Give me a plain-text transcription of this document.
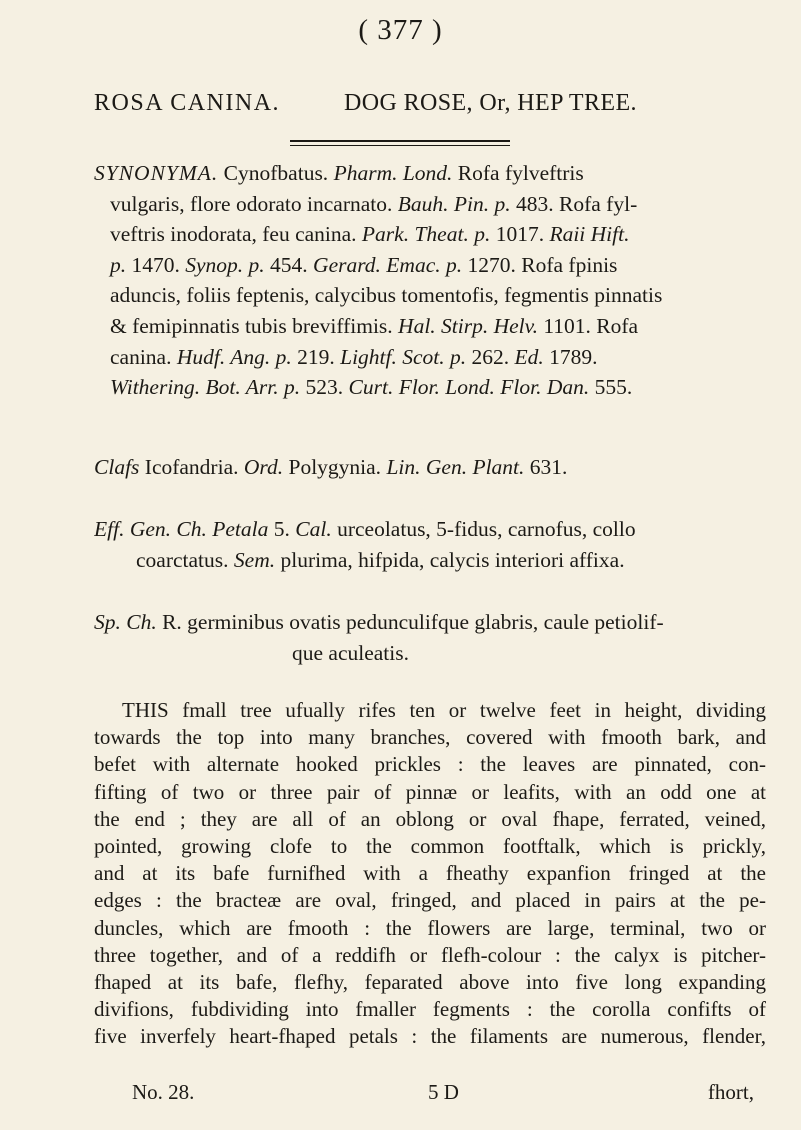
( 377 )
ROSA CANINA.	DOG ROSE, Or, HEP TREE.
SYNONYMA. Cynofbatus. Pharm. Lond. Rofa fylveftris
vulgaris, flore odorato incarnato. Bauh. Pin. p. 483. Rofa fyl-
veftris inodorata, feu canina. Park. Theat. p. 1017. Raii Hift.
p. 1470. Synop. p. 454. Gerard. Emac. p. 1270. Rofa fpinis
aduncis, foliis feptenis, calycibus tomentofis, fegmentis pinnatis
& femipinnatis tubis breviffimis. Hal. Stirp. Helv. 1101. Rofa
canina. Hudf. Ang. p. 219. Lightf. Scot. p. 262. Ed. 1789.
Withering. Bot. Arr. p. 523. Curt. Flor. Lond. Flor. Dan. 555.
Clafs Icofandria. Ord. Polygynia. Lin. Gen. Plant. 631.
Eff. Gen. Ch. Petala 5. Cal. urceolatus, 5-fidus, carnofus, collo
coarctatus. Sem. plurima, hifpida, calycis interiori affixa.
Sp. Ch. R. germinibus ovatis pedunculifque glabris, caule petiolif-
que aculeatis.
THIS fmall tree ufually rifes ten or twelve feet in height, dividing
towards the top into many branches, covered with fmooth bark, and
befet with alternate hooked prickles : the leaves are pinnated, con-
fifting of two or three pair of pinnæ or leafits, with an odd one at
the end ; they are all of an oblong or oval fhape, ferrated, veined,
pointed, growing clofe to the common footftalk, which is prickly,
and at its bafe furnifhed with a fheathy expanfion fringed at the
edges : the bracteæ are oval, fringed, and placed in pairs at the pe-
duncles, which are fmooth : the flowers are large, terminal, two or
three together, and of a reddifh or flefh-colour : the calyx is pitcher-
fhaped at its bafe, flefhy, feparated above into five long expanding
divifions, fubdividing into fmaller fegments : the corolla confifts of
five inverfely heart-fhaped petals : the filaments are numerous, flender,
No. 28.	5 D	fhort,
